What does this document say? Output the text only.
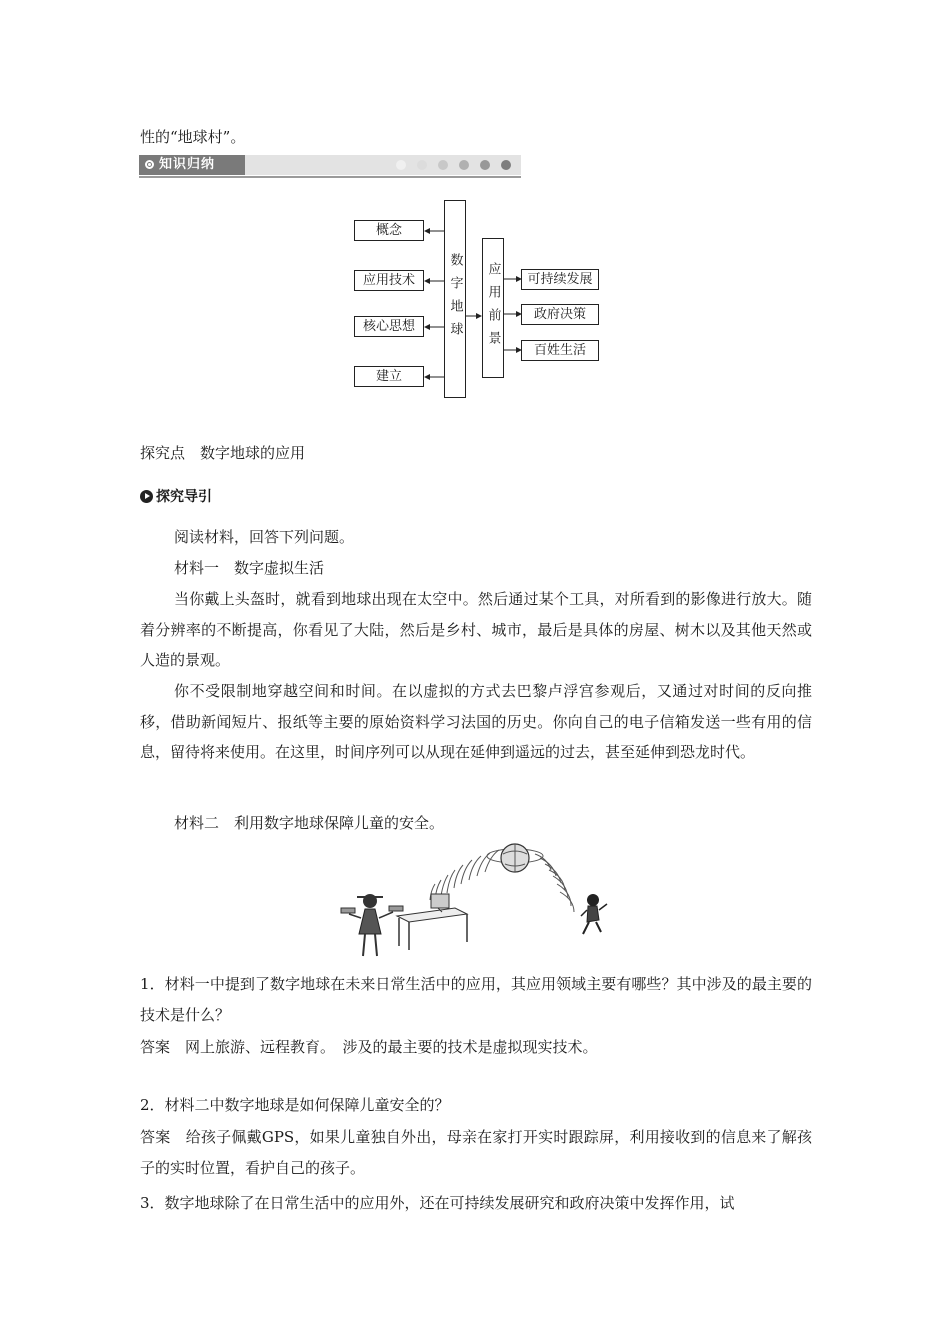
性的“地球村”。
知识归纳
概念
应用技术
核心思想
建立
数字地球 应用前景	可持续发展
政府决策
百姓生活
探究点　数字地球的应用
探究导引
阅读材料，回答下列问题。
材料一　数字虚拟生活
当你戴上头盔时，就看到地球出现在太空中。然后通过某个工具，对所看到的影像进行放大。随着分辨率的不断提高，你看见了大陆，然后是乡村、城市，最后是具体的房屋、树木以及其他天然或人造的景观。
你不受限制地穿越空间和时间。在以虚拟的方式去巴黎卢浮宫参观后，又通过对时间的反向推移，借助新闻短片、报纸等主要的原始资料学习法国的历史。你向自己的电子信箱发送一些有用的信息，留待将来使用。在这里，时间序列可以从现在延伸到遥远的过去，甚至延伸到恐龙时代。
材料二　利用数字地球保障儿童的安全。
1．材料一中提到了数字地球在未来日常生活中的应用，其应用领域主要有哪些？其中涉及的最主要的技术是什么？
答案　网上旅游、远程教育。　涉及的最主要的技术是虚拟现实技术。
2．材料二中数字地球是如何保障儿童安全的？
答案　给孩子佩戴GPS，如果儿童独自外出，母亲在家打开实时跟踪屏，利用接收到的信息来了解孩子的实时位置，看护自己的孩子。
3．数字地球除了在日常生活中的应用外，还在可持续发展研究和政府决策中发挥作用，试
